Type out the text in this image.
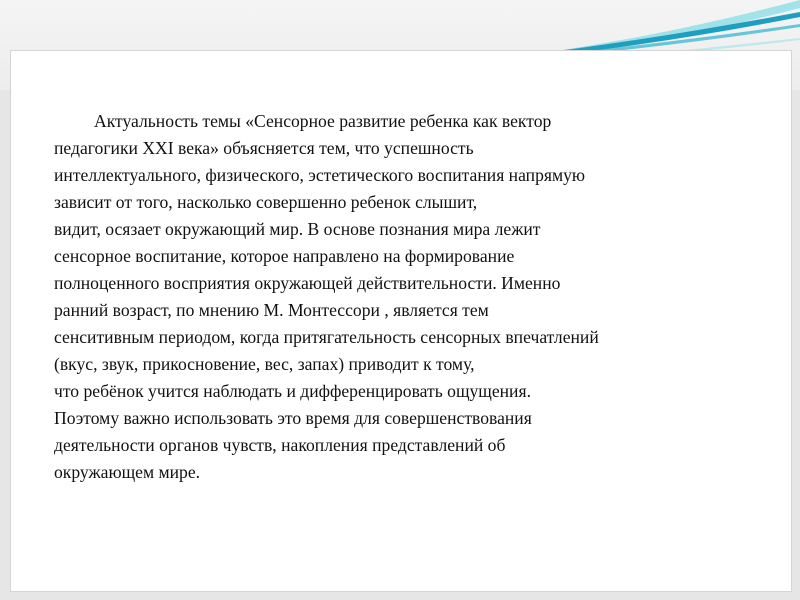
Актуальность темы «Сенсорное развитие ребенка как вектор
педагогики XXI века» объясняется тем, что успешность
интеллектуального, физического, эстетического воспитания напрямую
зависит от того, насколько совершенно ребенок слышит,
видит, осязает окружающий мир. В основе познания мира лежит
сенсорное воспитание, которое направлено на формирование
полноценного восприятия окружающей действительности. Именно
ранний возраст, по мнению М. Монтессори , является тем
сенситивным периодом, когда притягательность сенсорных впечатлений
(вкус, звук, прикосновение, вес, запах) приводит к тому,
что ребёнок учится наблюдать и дифференцировать ощущения.
Поэтому важно использовать это время для совершенствования
деятельности органов чувств, накопления представлений об
окружающем мире.
